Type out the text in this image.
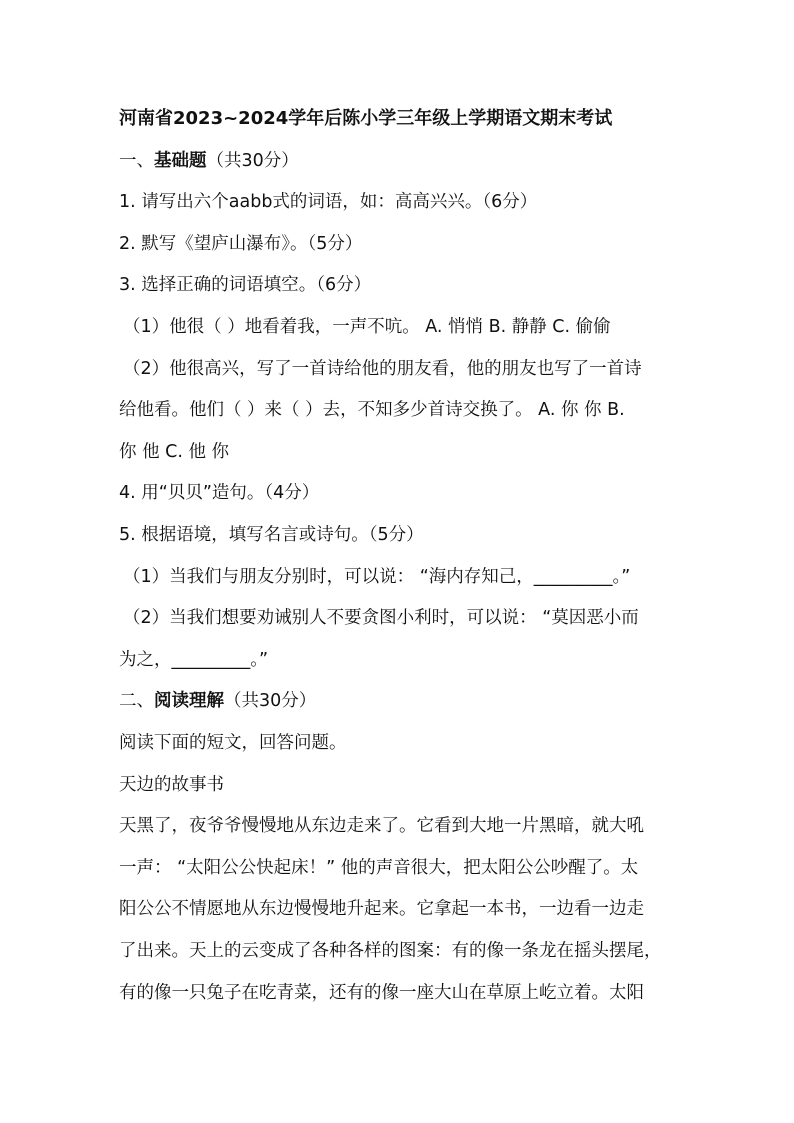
河南省2023~2024学年后陈小学三年级上学期语文期末考试
一、基础题（共30分）
1. 请写出六个aabb式的词语，如：高高兴兴。（6分）
2. 默写《望庐山瀑布》。（5分）
3. 选择正确的词语填空。（6分）
（1）他很（ ）地看着我，一声不吭。 A. 悄悄 B. 静静 C. 偷偷
（2）他很高兴，写了一首诗给他的朋友看，他的朋友也写了一首诗
给他看。他们（ ）来（ ）去，不知多少首诗交换了。 A. 你 你 B.
你 他 C. 他 你
4. 用“贝贝”造句。（4分）
5. 根据语境，填写名言或诗句。（5分）
（1）当我们与朋友分别时，可以说： “海内存知己，_________。”
（2）当我们想要劝诫别人不要贪图小利时，可以说： “莫因恶小而
为之，_________。”
二、阅读理解（共30分）
阅读下面的短文，回答问题。
天边的故事书
天黑了，夜爷爷慢慢地从东边走来了。它看到大地一片黑暗，就大吼
一声： “太阳公公快起床！” 他的声音很大，把太阳公公吵醒了。太
阳公公不情愿地从东边慢慢地升起来。它拿起一本书，一边看一边走
了出来。天上的云变成了各种各样的图案：有的像一条龙在摇头摆尾，
有的像一只兔子在吃青菜，还有的像一座大山在草原上屹立着。太阳
